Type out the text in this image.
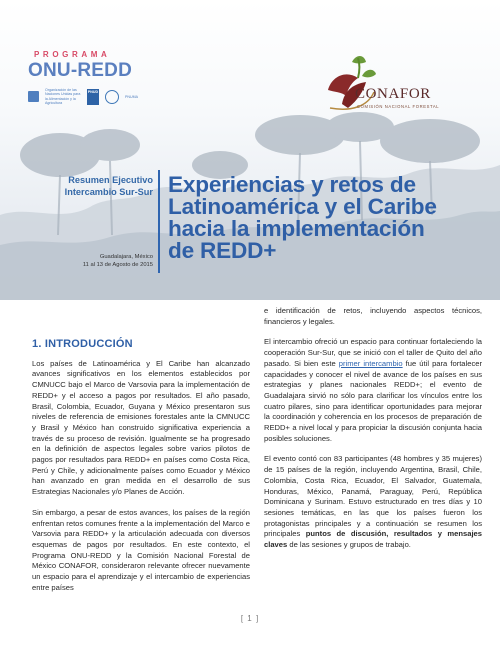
PROGRAMA
ONU-REDD
Organización de las Naciones Unidas para la Alimentación y la Agricultura
PNUD
PNUMA	CONAFOR
COMISIÓN NACIONAL FORESTAL
Resumen Ejecutivo
Intercambio Sur-Sur Experiencias y retos de
Latinoamérica y el Caribe
hacia la implementación
de REDD+
Guadalajara, México
11 al 13 de Agosto de 2015
1. INTRODUCCIÓN

Los países de Latinoamérica y El Caribe han alcanzado avances significativos en los elementos establecidos por CMNUCC bajo el Marco de Varsovia para la implementación de REDD+ y el acceso a pagos por resultados. El año pasado, Brasil, Colombia, Ecuador, Guyana y México presentaron sus niveles de referencia de emisiones forestales ante la CMNUCC y Brasil y México han construido significativa experiencia a través de su proceso de revisión. Igualmente se ha progresado en la definición de aspectos legales sobre varios pilotos de pagos por resultados para REDD+ en países como Costa Rica, Perú y Chile, y adicionalmente países como Ecuador y México han avanzado en gran medida en el desarrollo de sus Estrategias Nacionales y/o Planes de Acción.

Sin embargo, a pesar de estos avances, los países de la región enfrentan retos comunes frente a la implementación del Marco e Varsovia para REDD+ y la articulación adecuada con diversos esquemas de pagos por resultados. En este contexto, el Programa ONU-REDD y la Comisión Nacional Forestal de México CONAFOR, consideraron relevante ofrecer nuevamente un espacio para el aprendizaje y el intercambio de experiencias entre países

e identificación de retos, incluyendo aspectos técnicos, financieros y legales.

El intercambio ofreció un espacio para continuar fortaleciendo la cooperación Sur-Sur, que se inició con el taller de Quito del año pasado. Si bien este primer intercambio fue útil para fortalecer capacidades y conocer el nivel de avance de los países en sus estrategias y planes nacionales REDD+; el evento de Guadalajara sirvió no sólo para clarificar los vínculos entre los cuatro pilares, sino para identificar oportunidades para mejorar la coordinación y coherencia en los procesos de preparación de REDD+ a nivel local y para propiciar la discusión conjunta hacia posibles soluciones.

El evento contó con 83 participantes (48 hombres y 35 mujeres) de 15 países de la región, incluyendo Argentina, Brasil, Chile, Colombia, Costa Rica, Ecuador, El Salvador, Guatemala, Honduras, México, Panamá, Paraguay, Perú, República Dominicana y Surinam. Estuvo estructurado en tres días y 10 sesiones temáticas, en las que los países fueron los protagonistas principales y a continuación se resumen los principales puntos de discusión, resultados y mensajes claves de las sesiones y grupos de trabajo.

[ 1 ]
